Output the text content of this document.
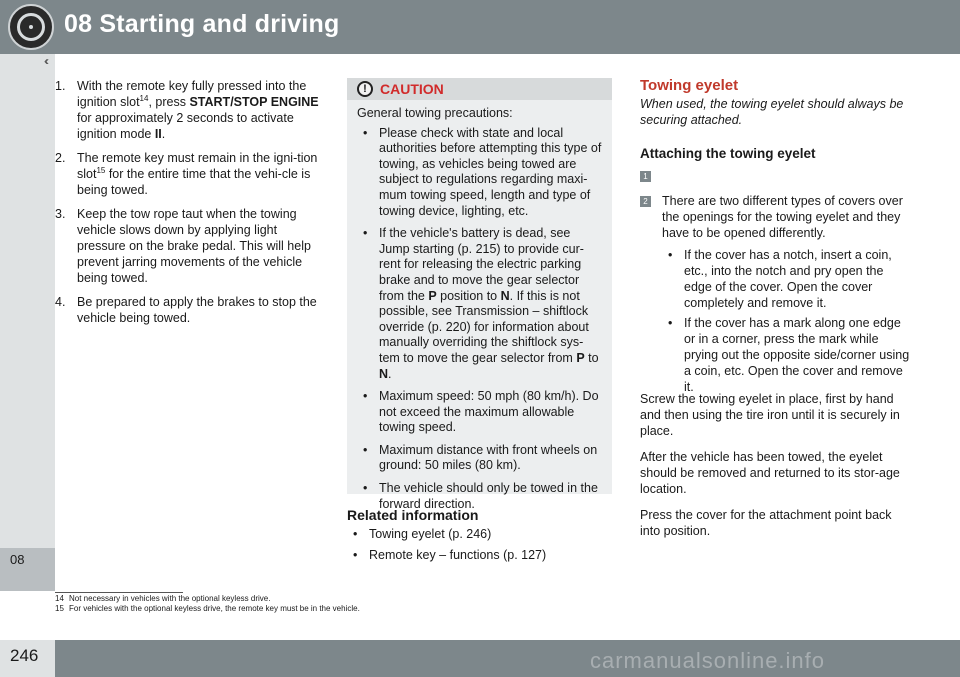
08 Starting and driving
‹‹
08
1. With the remote key fully pressed into the ignition slot$^{14}$, press START/STOP ENGINE for approximately 2 seconds to activate ignition mode II.
2. The remote key must remain in the igni-tion slot$^{15}$ for the entire time that the vehi-cle is being towed.
3. Keep the tow rope taut when the towing vehicle slows down by applying light pressure on the brake pedal. This will help prevent jarring movements of the vehicle being towed.
4. Be prepared to apply the brakes to stop the vehicle being towed.
! CAUTION
General towing precautions:
• Please check with state and local authorities before attempting this type of towing, as vehicles being towed are subject to regulations regarding maxi-mum towing speed, length and type of towing device, lighting, etc.
• If the vehicle's battery is dead, see Jump starting (p. 215) to provide cur-rent for releasing the electric parking brake and to move the gear selector from the P position to N. If this is not possible, see Transmission – shiftlock override (p. 220) for information about manually overriding the shiftlock sys-tem to move the gear selector from P to N.
• Maximum speed: 50 mph (80 km/h). Do not exceed the maximum allowable towing speed.
• Maximum distance with front wheels on ground: 50 miles (80 km).
• The vehicle should only be towed in the forward direction.
Related information
• Towing eyelet (p. 246)
• Remote key – functions (p. 127)
Towing eyelet

When used, the towing eyelet should always be securing attached.

Attaching the towing eyelet
1
2 There are two different types of covers over the openings for the towing eyelet and they have to be opened differently.

• If the cover has a notch, insert a coin, etc., into the notch and pry open the edge of the cover. Open the cover completely and remove it.
• If the cover has a mark along one edge or in a corner, press the mark while prying out the opposite side/corner using a coin, etc. Open the cover and remove it.

Screw the towing eyelet in place, first by hand and then using the tire iron until it is securely in place.

After the vehicle has been towed, the eyelet should be removed and returned to its stor-age location.

Press the cover for the attachment point back into position.

14 Not necessary in vehicles with the optional keyless drive.
15 For vehicles with the optional keyless drive, the remote key must be in the vehicle.
246	carmanualsonline.info
